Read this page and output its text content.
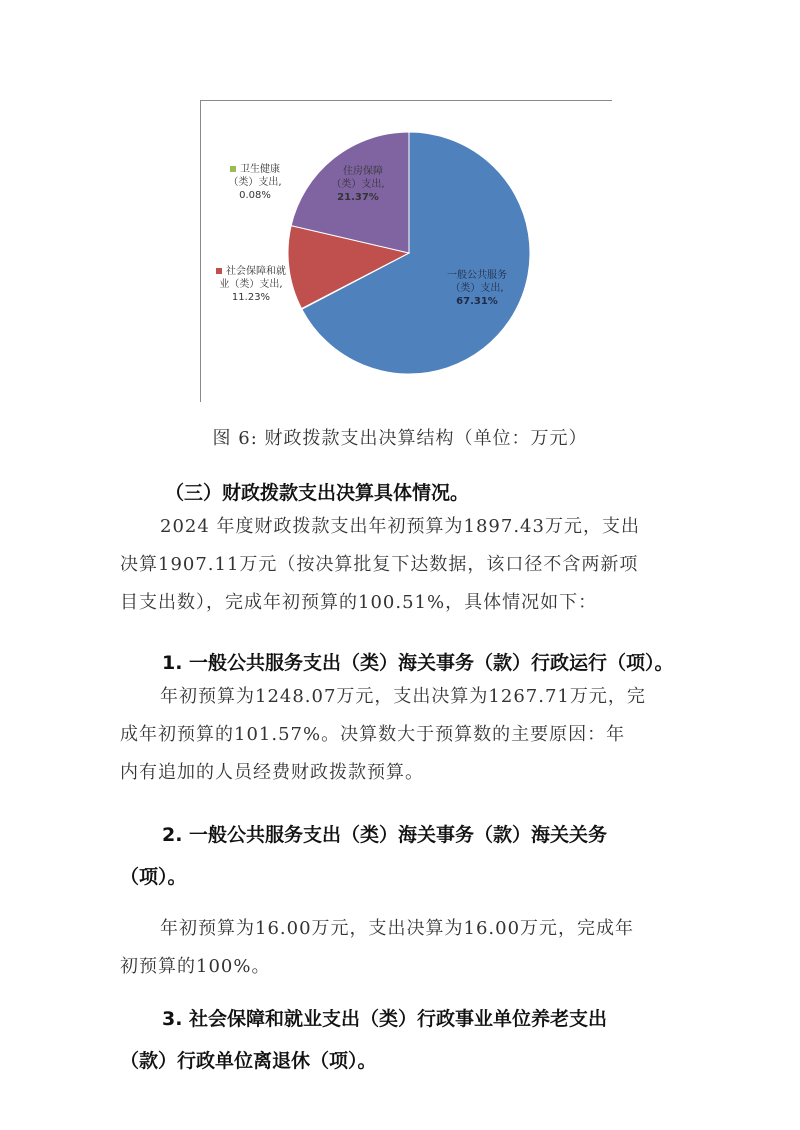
卫生健康
（类）支出,
0.08%
住房保障
（类）支出,
21.37%
社会保障和就
业（类）支出,
11.23%
一般公共服务
（类）支出,
67.31%
图 6: 财政拨款支出决算结构（单位：万元）
（三）财政拨款支出决算具体情况。
2024 年度财政拨款支出年初预算为1897.43万元，支出
决算1907.11万元（按决算批复下达数据，该口径不含两新项
目支出数），完成年初预算的100.51%，具体情况如下：
1. 一般公共服务支出（类）海关事务（款）行政运行（项）。
年初预算为1248.07万元，支出决算为1267.71万元，完
成年初预算的101.57%。决算数大于预算数的主要原因：年
内有追加的人员经费财政拨款预算。
2. 一般公共服务支出（类）海关事务（款）海关关务
（项）。
年初预算为16.00万元，支出决算为16.00万元，完成年
初预算的100%。
3. 社会保障和就业支出（类）行政事业单位养老支出
（款）行政单位离退休（项）。
